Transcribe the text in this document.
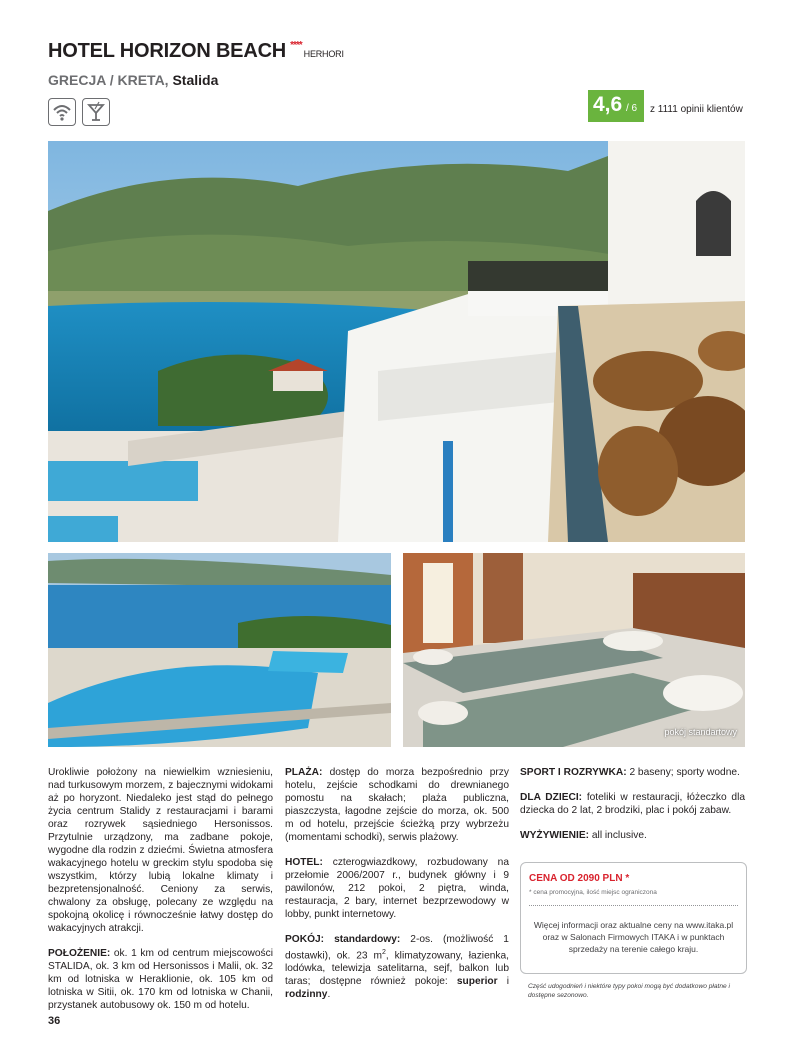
HOTEL HORIZON BEACH ****HERHORI
GRECJA / KRETA, Stalida
4,6 / 6 z 1111 opinii klientów
pokój standartowy

Urokliwie położony na niewielkim wzniesieniu, nad turkusowym morzem, z bajecznymi widokami aż po horyzont. Niedaleko jest stąd do pełnego życia centrum Stalidy z restauracjami i barami oraz rozrywek sąsiedniego Hersonissos. Przytulnie urządzony, ma zadbane pokoje, wygodne dla rodzin z dziećmi. Świetna atmosfera wakacyjnego hotelu w greckim stylu spodoba się wszystkim, którzy lubią lokalne klimaty i bezpretensjonalność. Ceniony za serwis, chwalony za obsługę, polecany ze względu na spokojną okolicę i równocześnie łatwy dostęp do wakacyjnych atrakcji.

POŁOŻENIE: ok. 1 km od centrum miejscowości STALIDA, ok. 3 km od Hersonissos i Malii, ok. 32 km od lotniska w Heraklionie, ok. 105 km od lotniska w Sitii, ok. 170 km od lotniska w Chanii, przystanek autobusowy ok. 150 m od hotelu.

PLAŻA: dostęp do morza bezpośrednio przy hotelu, zejście schodkami do drewnianego pomostu na skałach; plaża publiczna, piaszczysta, łagodne zejście do morza, ok. 500 m od hotelu, przejście ścieżką przy wybrzeżu (momentami schodki), serwis plażowy.

HOTEL: czterogwiazdkowy, rozbudowany na przełomie 2006/2007 r., budynek główny i 9 pawilonów, 212 pokoi, 2 piętra, winda, restauracja, 2 bary, internet bezprzewodowy w lobby, punkt internetowy.

POKÓJ: standardowy: 2-os. (możliwość 1 dostawki), ok. 23 $m^2$, klimatyzowany, łazienka, lodówka, telewizja satelitarna, sejf, balkon lub taras; dostępne również pokoje: superior i rodzinny.

SPORT I ROZRYWKA: 2 baseny; sporty wodne.

DLA DZIECI: foteliki w restauracji, łóżeczko dla dziecka do 2 lat, 2 brodziki, plac i pokój zabaw.

WYŻYWIENIE: all inclusive.

CENA OD 2090 PLN *
* cena promocyjna, ilość miejsc ograniczona
Więcej informacji oraz aktualne ceny na www.itaka.pl oraz w Salonach Firmowych ITAKA i w punktach sprzedaży na terenie całego kraju.
Część udogodnień i niektóre typy pokoi mogą być dodatkowo płatne i dostępne sezonowo.
36
